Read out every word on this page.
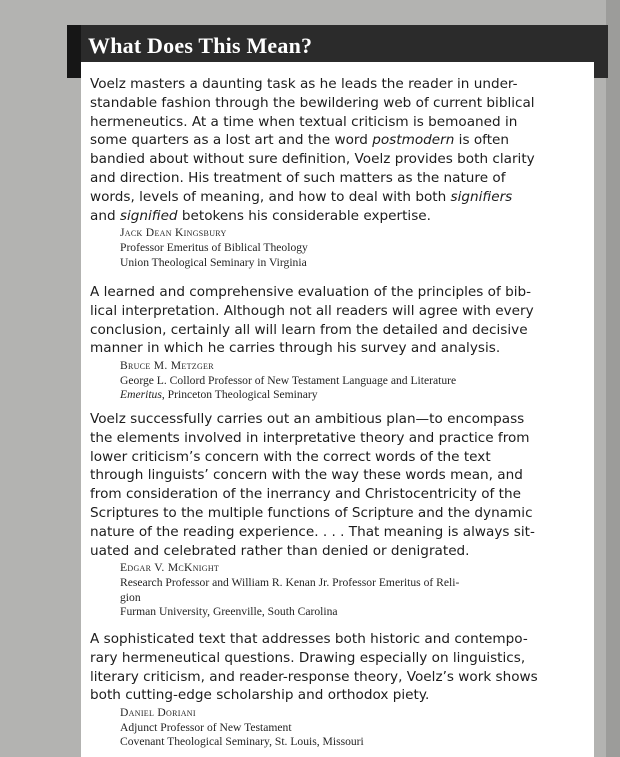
What Does This Mean?

Voelz masters a daunting task as he leads the reader in under-
standable fashion through the bewildering web of current biblical
hermeneutics. At a time when textual criticism is bemoaned in
some quarters as a lost art and the word postmodern is often
bandied about without sure definition, Voelz provides both clarity
and direction. His treatment of such matters as the nature of
words, levels of meaning, and how to deal with both signifiers
and signified betokens his considerable expertise.

Jack Dean Kingsbury
Professor Emeritus of Biblical Theology
Union Theological Seminary in Virginia

A learned and comprehensive evaluation of the principles of bib-
lical interpretation. Although not all readers will agree with every
conclusion, certainly all will learn from the detailed and decisive
manner in which he carries through his survey and analysis.

Bruce M. Metzger
George L. Collord Professor of New Testament Language and Literature
Emeritus, Princeton Theological Seminary

Voelz successfully carries out an ambitious plan—to encompass
the elements involved in interpretative theory and practice from
lower criticism’s concern with the correct words of the text
through linguists’ concern with the way these words mean, and
from consideration of the inerrancy and Christocentricity of the
Scriptures to the multiple functions of Scripture and the dynamic
nature of the reading experience. . . . That meaning is always sit-
uated and celebrated rather than denied or denigrated.

Edgar V. McKnight
Research Professor and William R. Kenan Jr. Professor Emeritus of Reli-
gion
Furman University, Greenville, South Carolina

A sophisticated text that addresses both historic and contempo-
rary hermeneutical questions. Drawing especially on linguistics,
literary criticism, and reader-response theory, Voelz’s work shows
both cutting-edge scholarship and orthodox piety.

Daniel Doriani
Adjunct Professor of New Testament
Covenant Theological Seminary, St. Louis, Missouri
